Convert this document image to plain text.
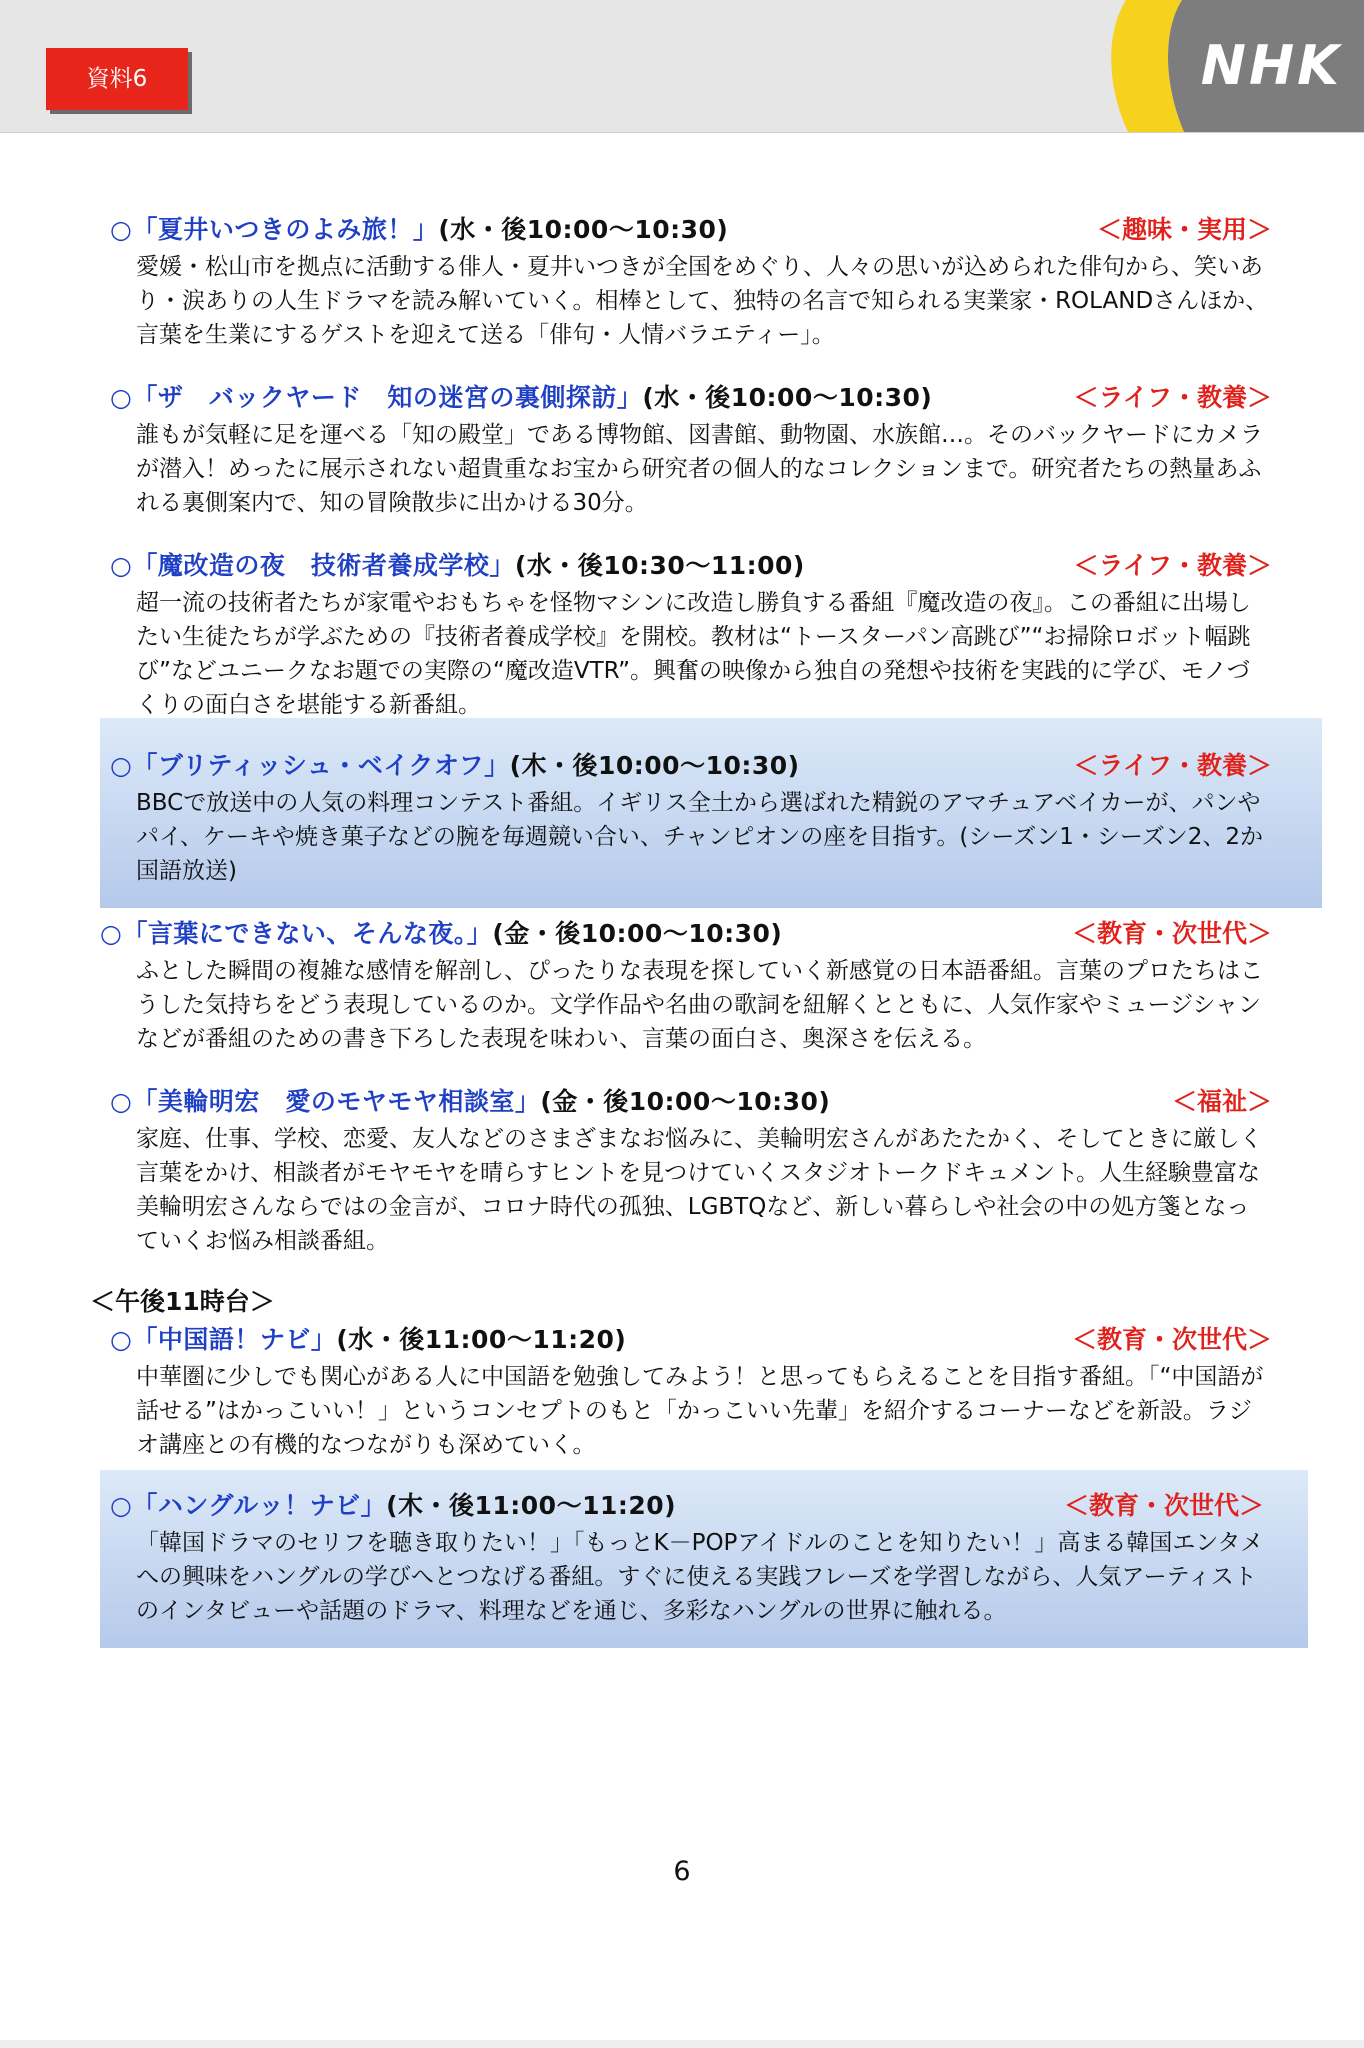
資料6	NHK
○「夏井いつきのよみ旅！」(水・後10:00〜10:30)	＜趣味・実用＞
愛媛・松山市を拠点に活動する俳人・夏井いつきが全国をめぐり、人々の思いが込められた俳句から、笑いあり・涙ありの人生ドラマを読み解いていく。相棒として、独特の名言で知られる実業家・ROLANDさんほか、言葉を生業にするゲストを迎えて送る「俳句・人情バラエティー」。
○「ザ　バックヤード　知の迷宮の裏側探訪」(水・後10:00〜10:30)	＜ライフ・教養＞
誰もが気軽に足を運べる「知の殿堂」である博物館、図書館、動物園、水族館…。そのバックヤードにカメラが潜入！めったに展示されない超貴重なお宝から研究者の個人的なコレクションまで。研究者たちの熱量あふれる裏側案内で、知の冒険散歩に出かける30分。
○「魔改造の夜　技術者養成学校」(水・後10:30〜11:00)	＜ライフ・教養＞
超一流の技術者たちが家電やおもちゃを怪物マシンに改造し勝負する番組『魔改造の夜』。この番組に出場したい生徒たちが学ぶための『技術者養成学校』を開校。教材は“トースターパン高跳び”“お掃除ロボット幅跳び”などユニークなお題での実際の“魔改造VTR”。興奮の映像から独自の発想や技術を実践的に学び、モノづくりの面白さを堪能する新番組。
○「ブリティッシュ・ベイクオフ」(木・後10:00〜10:30)	＜ライフ・教養＞
BBCで放送中の人気の料理コンテスト番組。イギリス全土から選ばれた精鋭のアマチュアベイカーが、パンやパイ、ケーキや焼き菓子などの腕を毎週競い合い、チャンピオンの座を目指す。(シーズン1・シーズン2、2か国語放送)
○「言葉にできない、そんな夜。」(金・後10:00〜10:30)	＜教育・次世代＞
ふとした瞬間の複雑な感情を解剖し、ぴったりな表現を探していく新感覚の日本語番組。言葉のプロたちはこうした気持ちをどう表現しているのか。文学作品や名曲の歌詞を紐解くとともに、人気作家やミュージシャンなどが番組のための書き下ろした表現を味わい、言葉の面白さ、奥深さを伝える。
○「美輪明宏　愛のモヤモヤ相談室」(金・後10:00〜10:30)	＜福祉＞
家庭、仕事、学校、恋愛、友人などのさまざまなお悩みに、美輪明宏さんがあたたかく、そしてときに厳しく言葉をかけ、相談者がモヤモヤを晴らすヒントを見つけていくスタジオトークドキュメント。人生経験豊富な美輪明宏さんならではの金言が、コロナ時代の孤独、LGBTQなど、新しい暮らしや社会の中の処方箋となっていくお悩み相談番組。
＜午後11時台＞
○「中国語！ナビ」(水・後11:00〜11:20)	＜教育・次世代＞
中華圏に少しでも関心がある人に中国語を勉強してみよう！と思ってもらえることを目指す番組。「“中国語が話せる”はかっこいい！」というコンセプトのもと「かっこいい先輩」を紹介するコーナーなどを新設。ラジオ講座との有機的なつながりも深めていく。
○「ハングルッ！ナビ」(木・後11:00〜11:20)	＜教育・次世代＞
「韓国ドラマのセリフを聴き取りたい！」「もっとK－POPアイドルのことを知りたい！」高まる韓国エンタメへの興味をハングルの学びへとつなげる番組。すぐに使える実践フレーズを学習しながら、人気アーティストのインタビューや話題のドラマ、料理などを通じ、多彩なハングルの世界に触れる。
6
